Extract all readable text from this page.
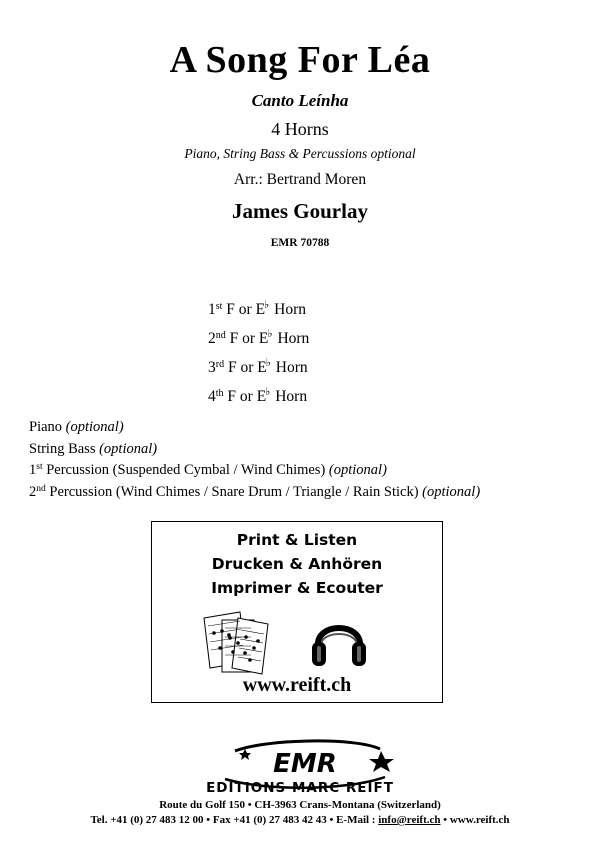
A Song For Léa
Canto Leínha
4 Horns
Piano, String Bass & Percussions optional
Arr.: Bertrand Moren
James Gourlay
EMR 70788
1st F or E♭ Horn
2nd F or E♭ Horn
3rd F or E♭ Horn
4th F or E♭ Horn
Piano (optional)
String Bass (optional)
1st Percussion (Suspended Cymbal / Wind Chimes) (optional)
2nd Percussion (Wind Chimes / Snare Drum / Triangle / Rain Stick) (optional)
Print & Listen
Drucken & Anhören
Imprimer & Ecouter
www.reift.ch
EMR
EDITIONS MARC REIFT
Route du Golf 150 • CH-3963 Crans-Montana (Switzerland)
Tel. +41 (0) 27 483 12 00 • Fax +41 (0) 27 483 42 43 • E-Mail : info@reift.ch • www.reift.ch
